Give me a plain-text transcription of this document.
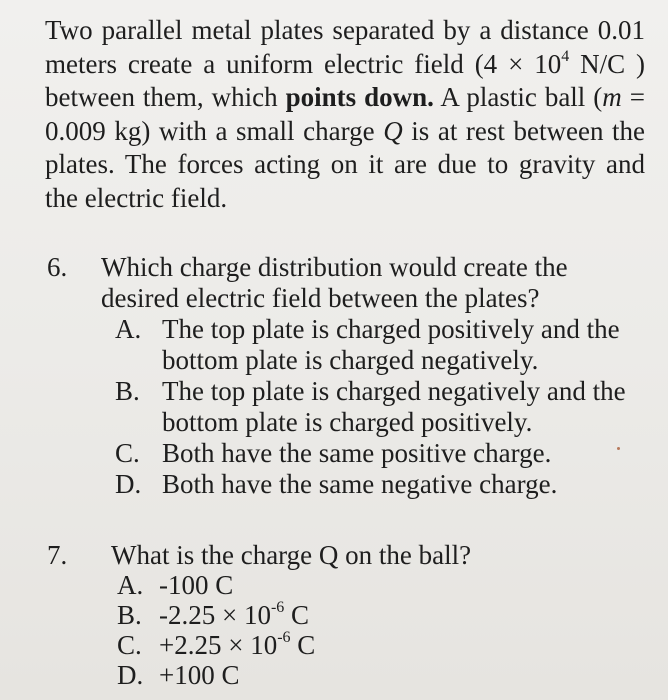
Two parallel metal plates separated by a distance 0.01 meters create a uniform electric field ($4 \times 10^4$ N/C ) between them, which points down. A plastic ball (m = 0.009 kg) with a small charge Q is at rest between the plates. The forces acting on it are due to gravity and the electric field.

6. Which charge distribution would create the desired electric field between the plates?
A. The top plate is charged positively and the bottom plate is charged negatively.
B. The top plate is charged negatively and the bottom plate is charged positively.
C. Both have the same positive charge.
D. Both have the same negative charge.
7. What is the charge Q on the ball?
A. -100 C
B. $-2.25 \times 10^{-6}$ C
C. $+2.25 \times 10^{-6}$ C
D. +100 C
